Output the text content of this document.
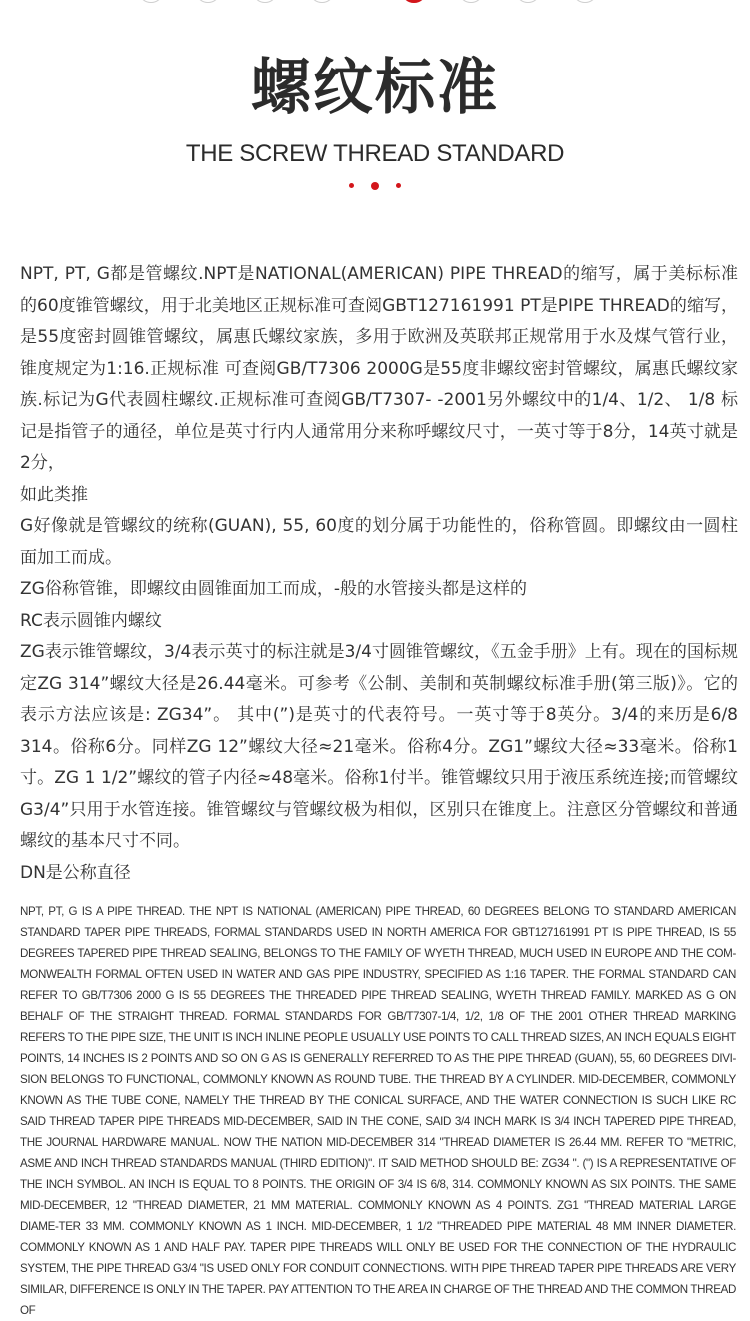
螺纹标准
THE SCREW THREAD STANDARD

NPT, PT, G都是管螺纹.NPT是NATIONAL(AMERICAN) PIPE THREAD的缩写，属于美标标准的60度锥管螺纹，用于北美地区正规标准可查阅GBT127161991 PT是PIPE THREAD的缩写，是55度密封圆锥管螺纹，属惠氏螺纹家族，多用于欧洲及英联邦正规常用于水及煤气管行业，锥度规定为1:16.正规标准 可查阅GB/T7306 2000G是55度非螺纹密封管螺纹，属惠氏螺纹家族.标记为G代表圆柱螺纹.正规标准可查阅GB/T7307- -2001另外螺纹中的1/4、1/2、 1/8 标记是指管子的通径，单位是英寸行内人通常用分来称呼螺纹尺寸，一英寸等于8分，14英寸就是2分，

如此类推

G好像就是管螺纹的统称(GUAN), 55, 60度的划分属于功能性的，俗称管圆。即螺纹由一圆柱面加工而成。

ZG俗称管锥，即螺纹由圆锥面加工而成，-般的水管接头都是这样的

RC表示圆锥内螺纹

ZG表示锥管螺纹，3/4表示英寸的标注就是3/4寸圆锥管螺纹，《五金手册》上有。现在的国标规定ZG 314”螺纹大径是26.44毫米。可参考《公制、美制和英制螺纹标准手册(第三版)》。它的表示方法应该是: ZG34”。 其中(”)是英寸的代表符号。一英寸等于8英分。3/4的来历是6/8 314。俗称6分。同样ZG 12”螺纹大径≈21毫米。俗称4分。ZG1”螺纹大径≈33毫米。俗称1寸。ZG 1 1/2”螺纹的管子内径≈48毫米。俗称1付半。锥管螺纹只用于液压系统连接;而管螺纹G3/4”只用于水管连接。锥管螺纹与管螺纹极为相似，区别只在锥度上。注意区分管螺纹和普通螺纹的基本尺寸不同。

DN是公称直径

NPT, PT, G IS A PIPE THREAD. THE NPT IS NATIONAL (AMERICAN) PIPE THREAD, 60 DEGREES BELONG TO STANDARD AMERICAN STANDARD TAPER PIPE THREADS, FORMAL STANDARDS USED IN NORTH AMERICA FOR GBT127161991 PT IS PIPE THREAD, IS 55 DEGREES TAPERED PIPE THREAD SEALING, BELONGS TO THE FAMILY OF WYETH THREAD, MUCH USED IN EUROPE AND THE COM-MONWEALTH FORMAL OFTEN USED IN WATER AND GAS PIPE INDUSTRY, SPECIFIED AS 1:16 TAPER. THE FORMAL STANDARD CAN REFER TO GB/T7306 2000 G IS 55 DEGREES THE THREADED PIPE THREAD SEALING, WYETH THREAD FAMILY. MARKED AS G ON BEHALF OF THE STRAIGHT THREAD. FORMAL STANDARDS FOR GB/T7307-1/4, 1/2, 1/8 OF THE 2001 OTHER THREAD MARKING REFERS TO THE PIPE SIZE, THE UNIT IS INCH INLINE PEOPLE USUALLY USE POINTS TO CALL THREAD SIZES, AN INCH EQUALS EIGHT POINTS, 14 INCHES IS 2 POINTS AND SO ON G AS IS GENERALLY REFERRED TO AS THE PIPE THREAD (GUAN), 55, 60 DEGREES DIVI-SION BELONGS TO FUNCTIONAL, COMMONLY KNOWN AS ROUND TUBE. THE THREAD BY A CYLINDER. MID-DECEMBER, COMMONLY KNOWN AS THE TUBE CONE, NAMELY THE THREAD BY THE CONICAL SURFACE, AND THE WATER CONNECTION IS SUCH LIKE RC SAID THREAD TAPER PIPE THREADS MID-DECEMBER, SAID IN THE CONE, SAID 3/4 INCH MARK IS 3/4 INCH TAPERED PIPE THREAD, THE JOURNAL HARDWARE MANUAL. NOW THE NATION MID-DECEMBER 314 "THREAD DIAMETER IS 26.44 MM. REFER TO "METRIC, ASME AND INCH THREAD STANDARDS MANUAL (THIRD EDITION)". IT SAID METHOD SHOULD BE: ZG34 ". (") IS A REPRESENTATIVE OF THE INCH SYMBOL. AN INCH IS EQUAL TO 8 POINTS. THE ORIGIN OF 3/4 IS 6/8, 314. COMMONLY KNOWN AS SIX POINTS. THE SAME MID-DECEMBER, 12 "THREAD DIAMETER, 21 MM MATERIAL. COMMONLY KNOWN AS 4 POINTS. ZG1 "THREAD MATERIAL LARGE DIAME-TER 33 MM. COMMONLY KNOWN AS 1 INCH. MID-DECEMBER, 1 1/2 "THREADED PIPE MATERIAL 48 MM INNER DIAMETER. COMMONLY KNOWN AS 1 AND HALF PAY. TAPER PIPE THREADS WILL ONLY BE USED FOR THE CONNECTION OF THE HYDRAULIC SYSTEM, THE PIPE THREAD G3/4 "IS USED ONLY FOR CONDUIT CONNECTIONS. WITH PIPE THREAD TAPER PIPE THREADS ARE VERY SIMILAR, DIFFERENCE IS ONLY IN THE TAPER. PAY ATTENTION TO THE AREA IN CHARGE OF THE THREAD AND THE COMMON THREAD OF
